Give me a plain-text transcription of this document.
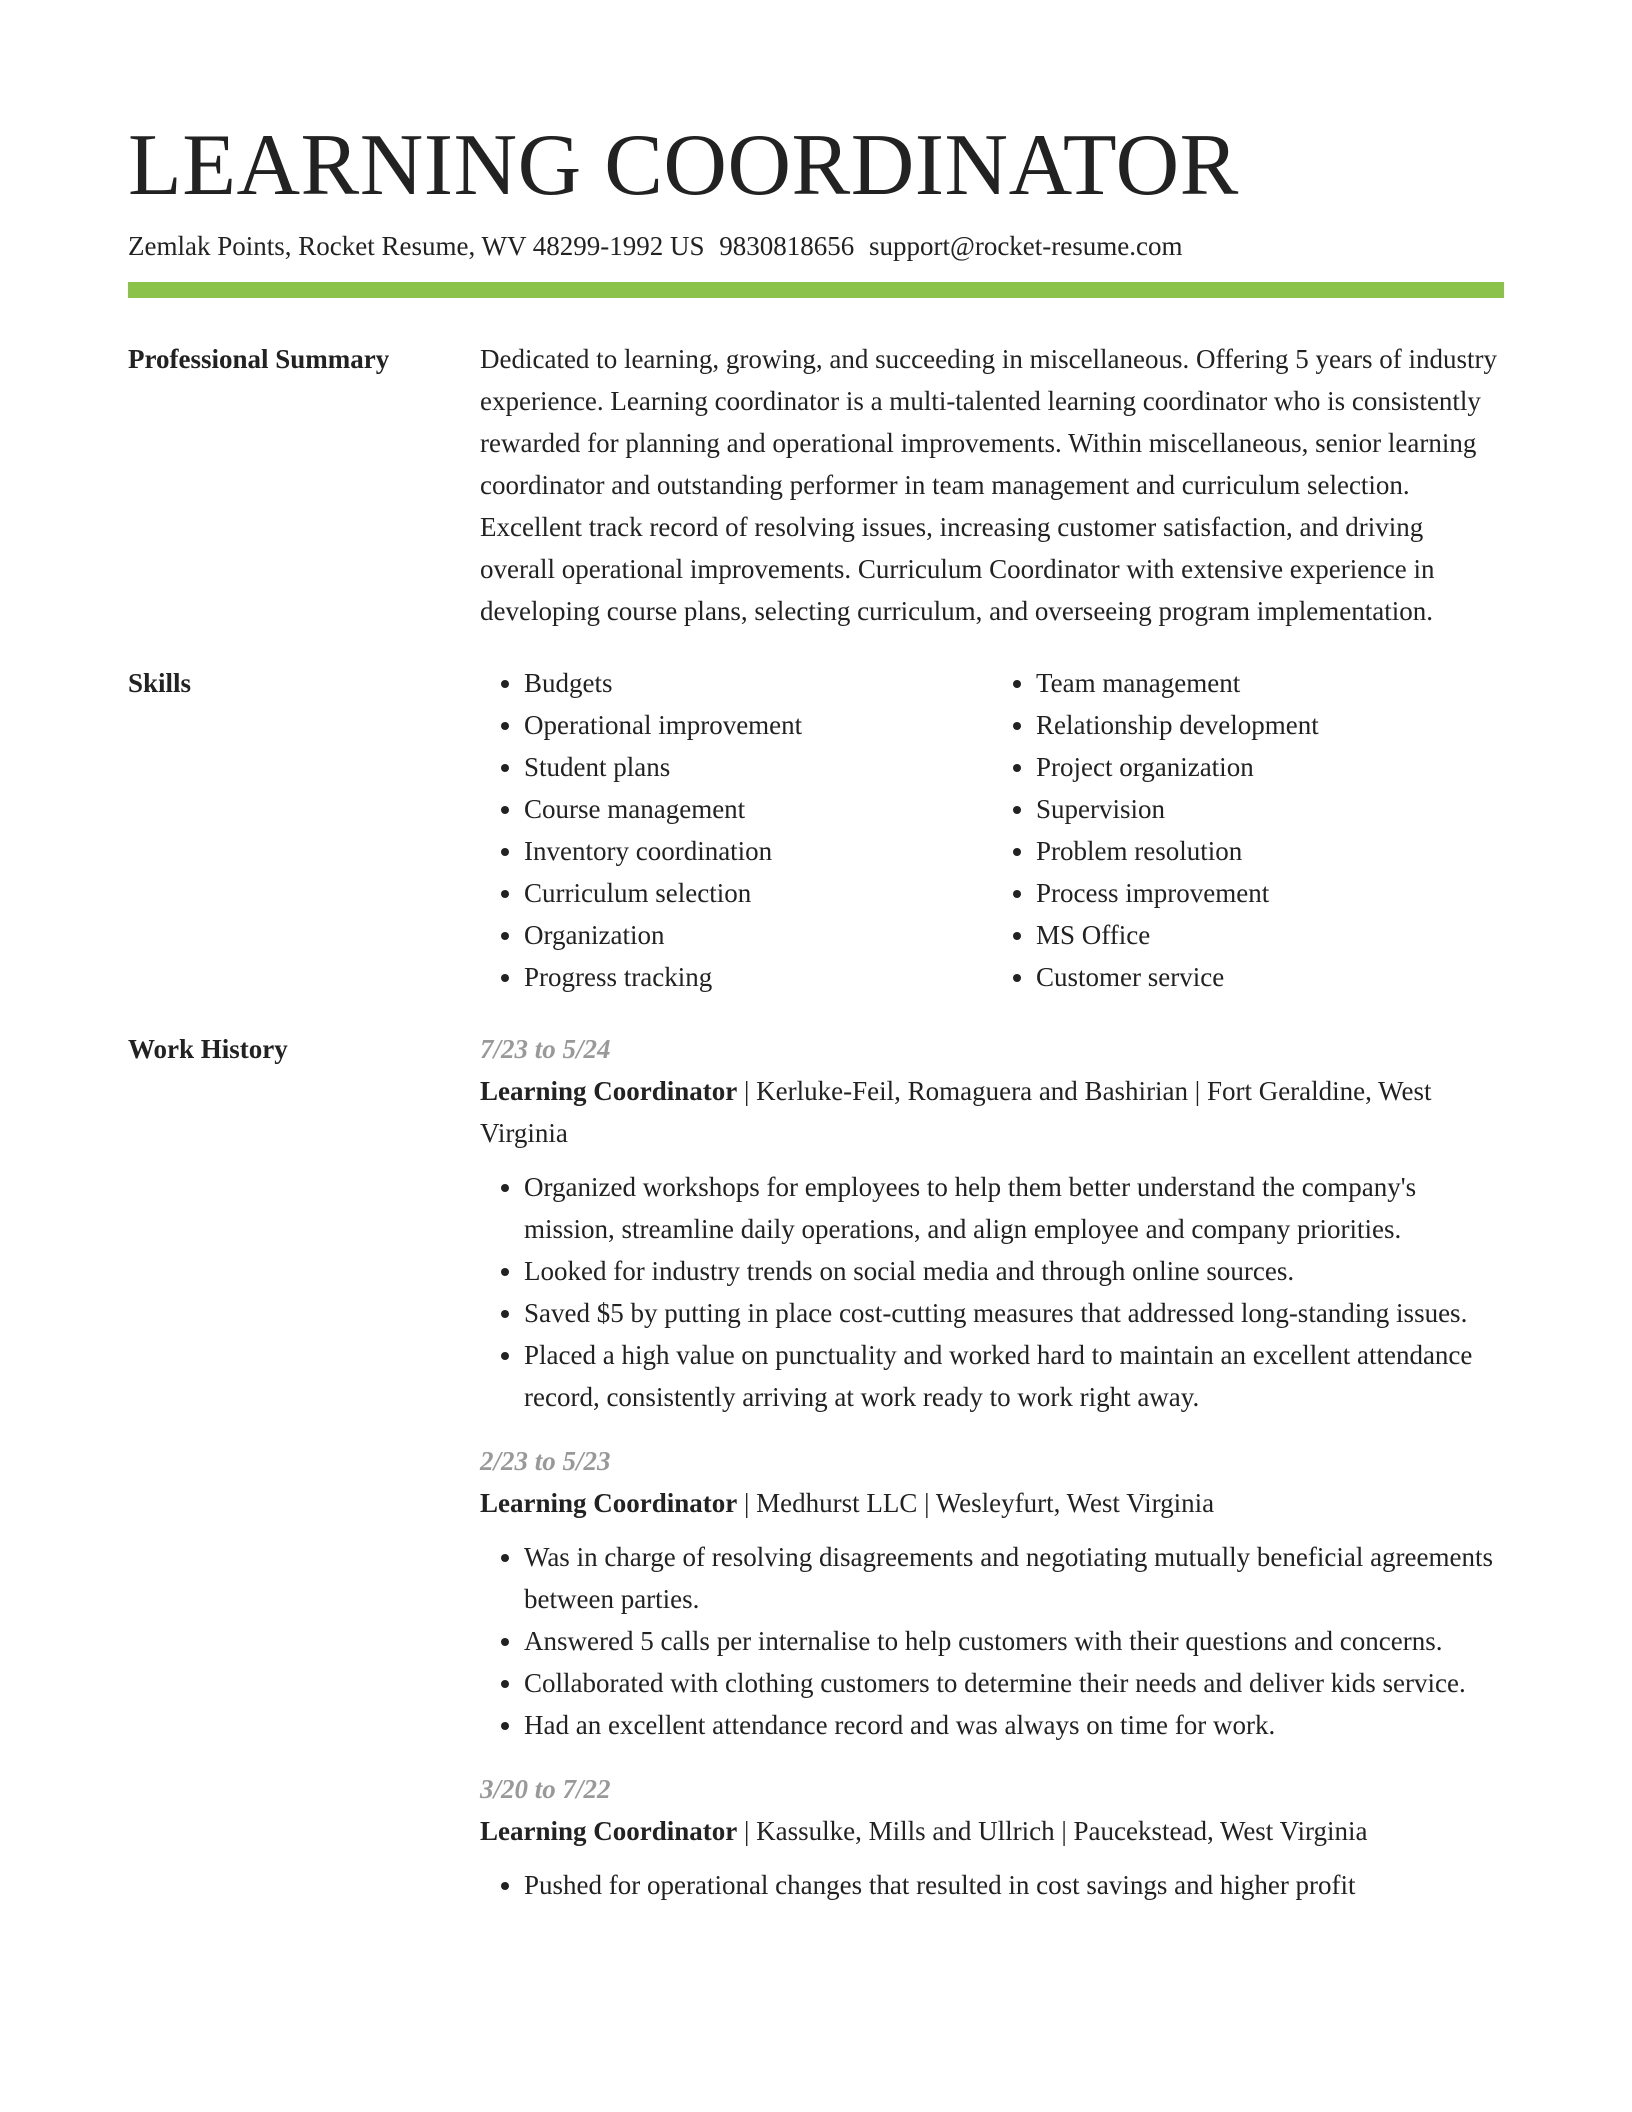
LEARNING COORDINATOR
Zemlak Points, Rocket Resume, WV 48299-1992 US 9830818656 support@rocket-resume.com
Professional Summary	Dedicated to learning, growing, and succeeding in miscellaneous. Offering 5 years of industry experience. Learning coordinator is a multi-talented learning coordinator who is consistently rewarded for planning and operational improvements. Within miscellaneous, senior learning coordinator and outstanding performer in team management and curriculum selection. Excellent track record of resolving issues, increasing customer satisfaction, and driving overall operational improvements. Curriculum Coordinator with extensive experience in developing course plans, selecting curriculum, and overseeing program implementation.
Skills
•	Budgets
• Operational improvement
• Student plans
• Course management
• Inventory coordination
• Curriculum selection
• Organization
• Progress tracking
• Team management
• Relationship development
• Project organization
• Supervision
• Problem resolution
• Process improvement
• MS Office
• Customer service
Work History	7/23 to 5/24
Learning Coordinator | Kerluke-Feil, Romaguera and Bashirian | Fort Geraldine, West Virginia
• Organized workshops for employees to help them better understand the company's mission, streamline daily operations, and align employee and company priorities.
• Looked for industry trends on social media and through online sources.
• Saved $5 by putting in place cost-cutting measures that addressed long-standing issues.
• Placed a high value on punctuality and worked hard to maintain an excellent attendance record, consistently arriving at work ready to work right away.
2/23 to 5/23
Learning Coordinator | Medhurst LLC | Wesleyfurt, West Virginia
• Was in charge of resolving disagreements and negotiating mutually beneficial agreements between parties.
• Answered 5 calls per internalise to help customers with their questions and concerns.
• Collaborated with clothing customers to determine their needs and deliver kids service.
• Had an excellent attendance record and was always on time for work.
3/20 to 7/22
Learning Coordinator | Kassulke, Mills and Ullrich | Paucekstead, West Virginia
• Pushed for operational changes that resulted in cost savings and higher profit
